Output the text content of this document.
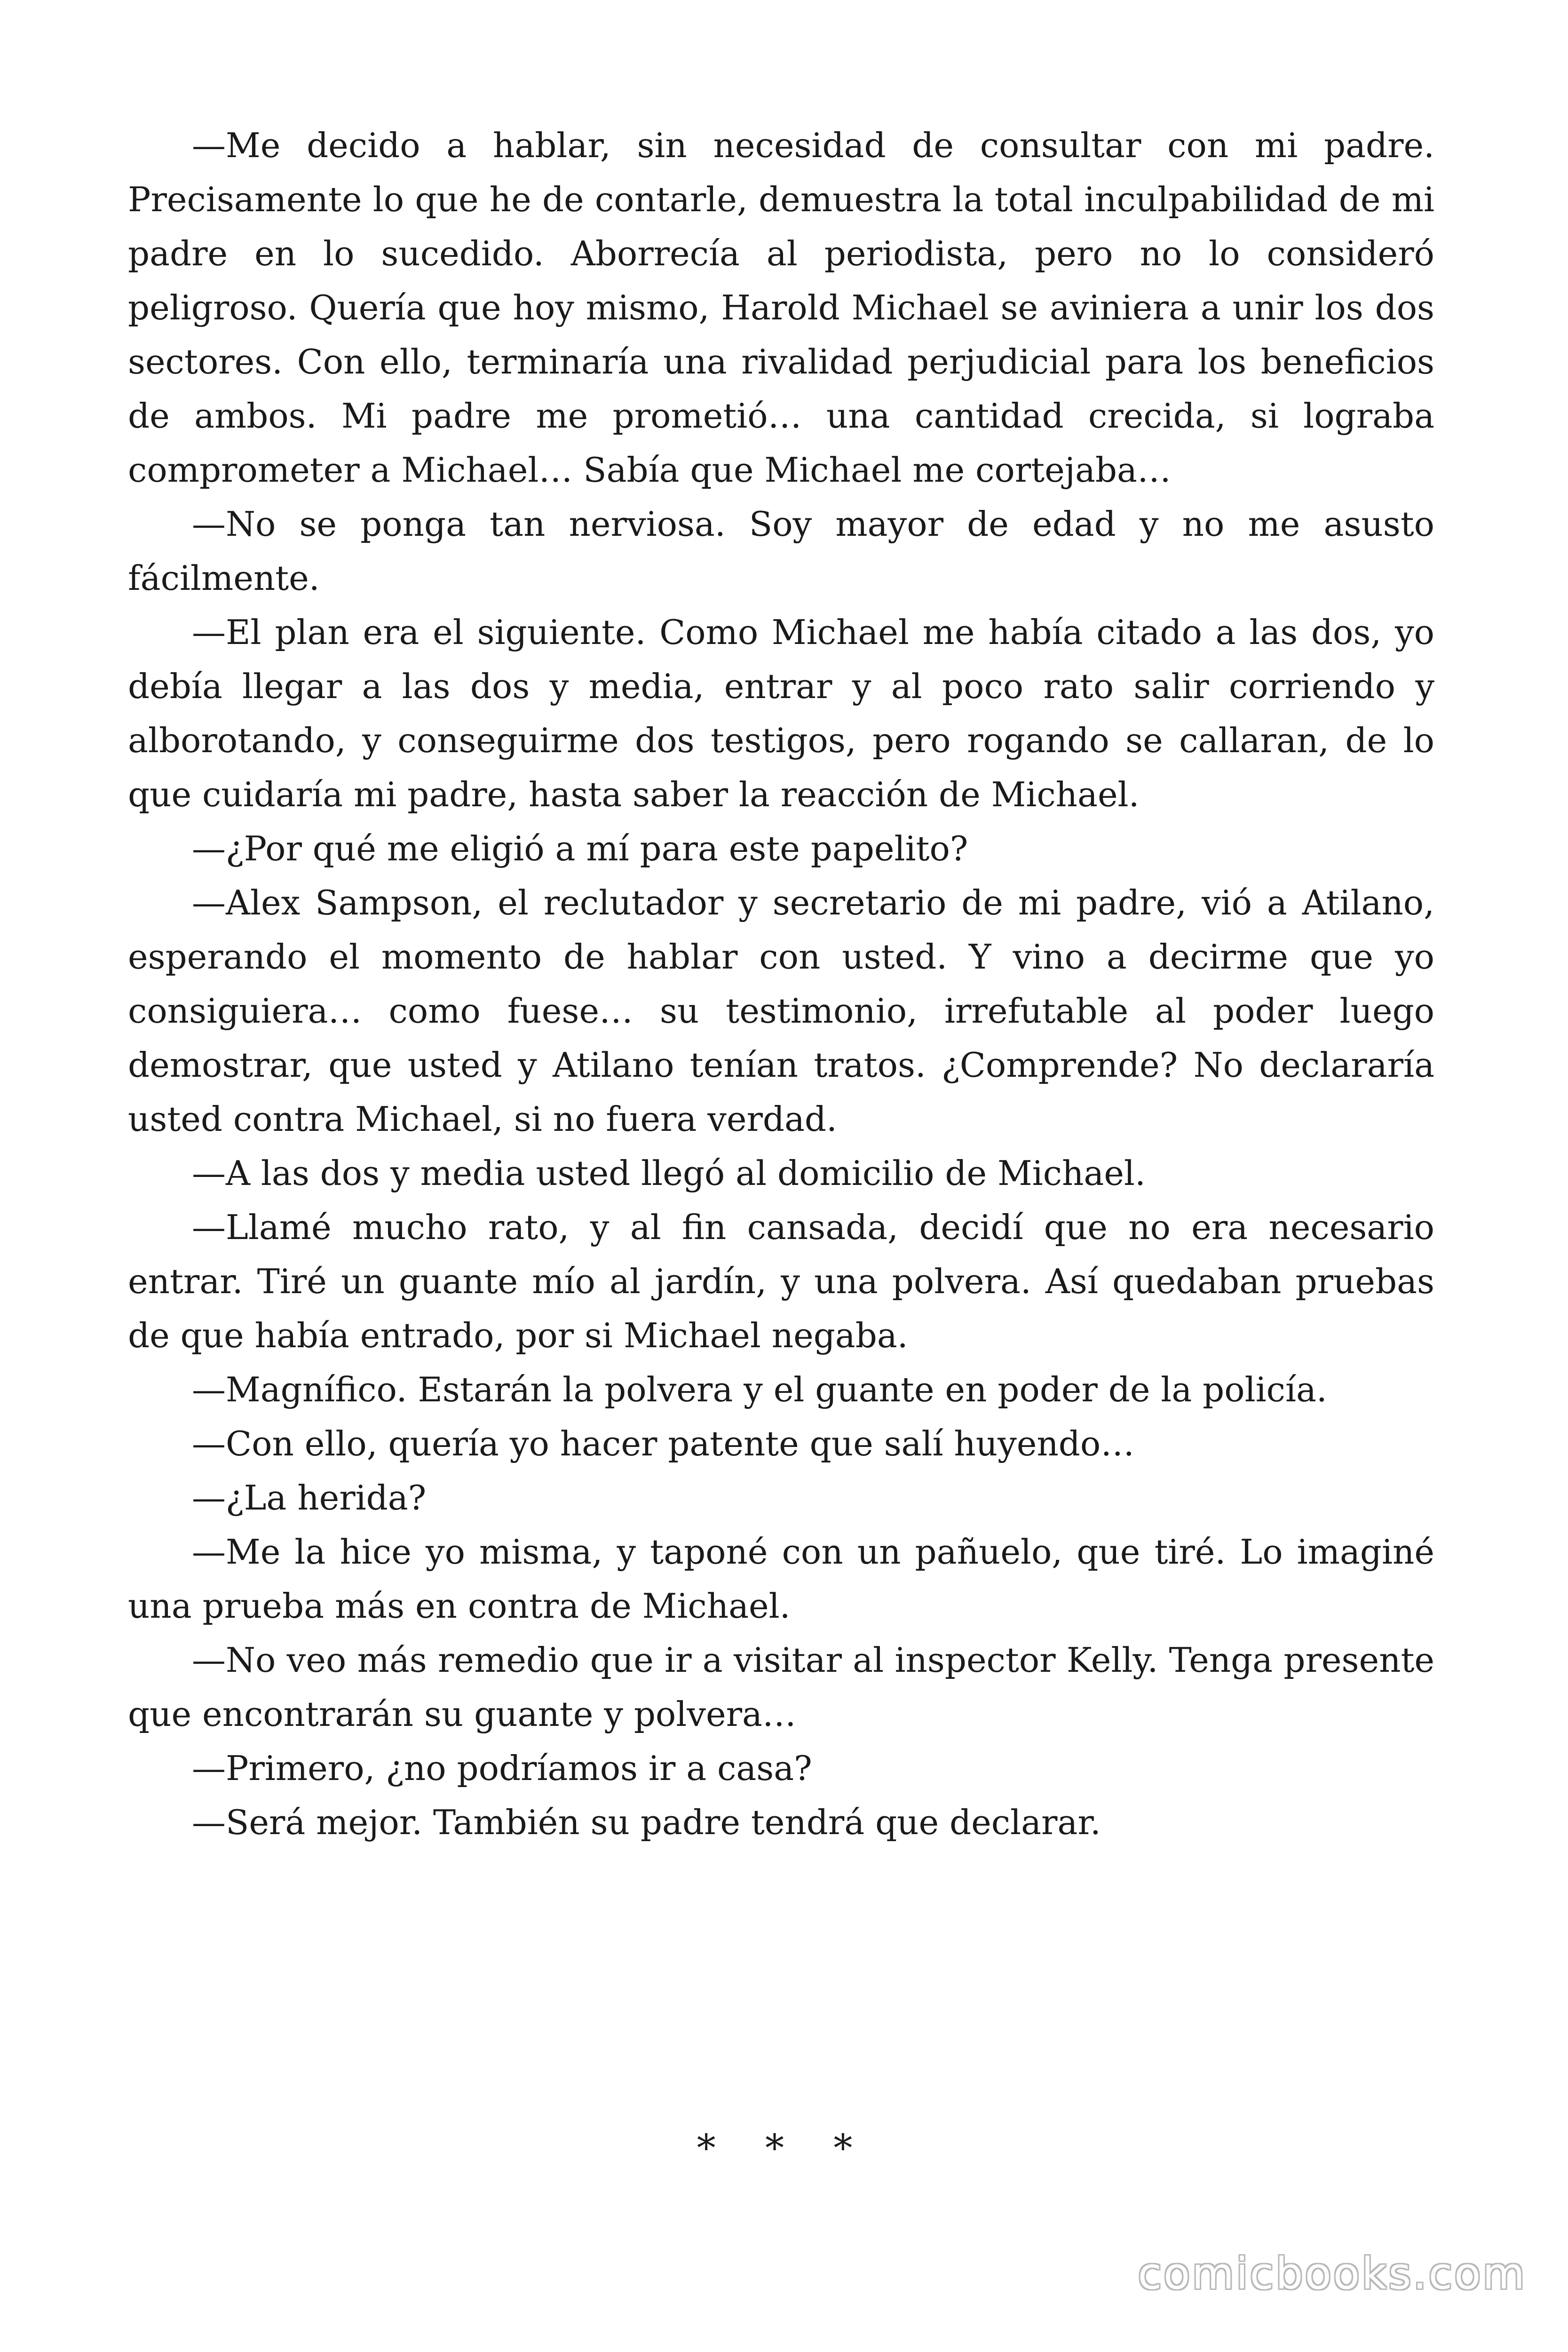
—Me decido a hablar, sin necesidad de consultar con mi padre. Precisamente lo que he de contarle, demuestra la total inculpabilidad de mi padre en lo sucedido. Aborrecía al periodista, pero no lo consideró peligroso. Quería que hoy mismo, Harold Michael se aviniera a unir los dos sectores. Con ello, terminaría una rivalidad perjudicial para los beneficios de ambos. Mi padre me prometió… una cantidad crecida, si lograba comprometer a Michael… Sabía que Michael me cortejaba…

—No se ponga tan nerviosa. Soy mayor de edad y no me asusto fácilmente.

—El plan era el siguiente. Como Michael me había citado a las dos, yo debía llegar a las dos y media, entrar y al poco rato salir corriendo y alborotando, y conseguirme dos testigos, pero rogando se callaran, de lo que cuidaría mi padre, hasta saber la reacción de Michael.

—¿Por qué me eligió a mí para este papelito?

—Alex Sampson, el reclutador y secretario de mi padre, vió a Atilano, esperando el momento de hablar con usted. Y vino a decirme que yo consiguiera… como fuese… su testimonio, irrefutable al poder luego demostrar, que usted y Atilano tenían tratos. ¿Comprende? No declararía usted contra Michael, si no fuera verdad.

—A las dos y media usted llegó al domicilio de Michael.

—Llamé mucho rato, y al fin cansada, decidí que no era necesario entrar. Tiré un guante mío al jardín, y una polvera. Así quedaban pruebas de que había entrado, por si Michael negaba.

—Magnífico. Estarán la polvera y el guante en poder de la policía.

—Con ello, quería yo hacer patente que salí huyendo…

—¿La herida?

—Me la hice yo misma, y taponé con un pañuelo, que tiré. Lo imaginé una prueba más en contra de Michael.

—No veo más remedio que ir a visitar al inspector Kelly. Tenga presente que encontrarán su guante y polvera…

—Primero, ¿no podríamos ir a casa?

—Será mejor. También su padre tendrá que declarar.

* * *
comicbooks.com
